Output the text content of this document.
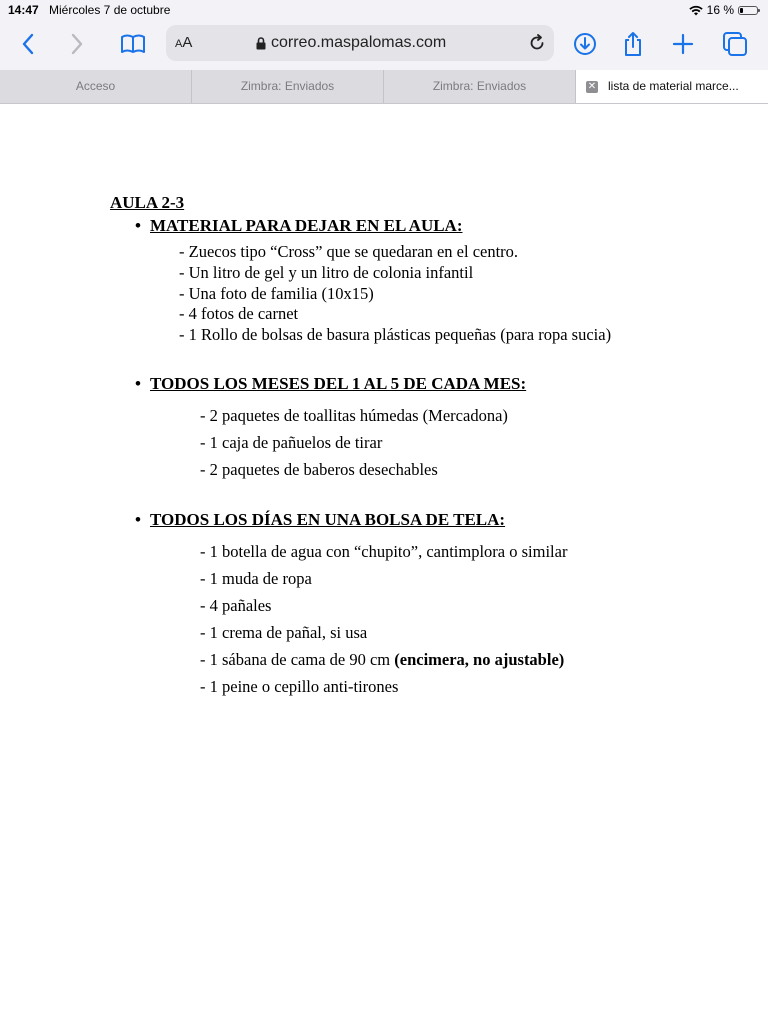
14:47 Miércoles 7 de octubre	16 %
AA	correo.maspalomas.com
Acceso	Zimbra: Enviados	Zimbra: Enviados	✕ lista de material marce...
AULA 2-3
• MATERIAL PARA DEJAR EN EL AULA:
- Zuecos tipo “Cross” que se quedaran en el centro.
- Un litro de gel y un litro de colonia infantil
- Una foto de familia (10x15)
- 4 fotos de carnet
- 1 Rollo de bolsas de basura plásticas pequeñas (para ropa sucia)
• TODOS LOS MESES DEL 1 AL 5 DE CADA MES:
- 2 paquetes de toallitas húmedas (Mercadona)
- 1 caja de pañuelos de tirar
- 2 paquetes de baberos desechables
• TODOS LOS DÍAS EN UNA BOLSA DE TELA:
- 1 botella de agua con “chupito”, cantimplora o similar
- 1 muda de ropa
- 4 pañales
- 1 crema de pañal, si usa
- 1 sábana de cama de 90 cm (encimera, no ajustable)
- 1 peine o cepillo anti-tirones
